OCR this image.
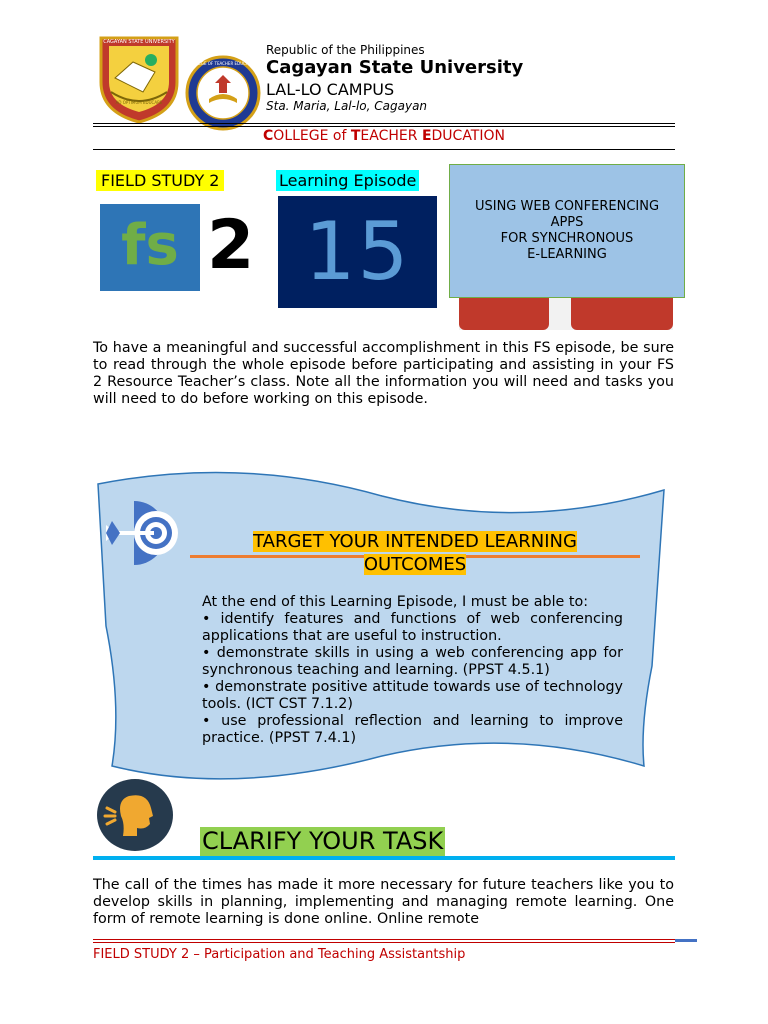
CAGAYAN STATE UNIVERSITY
AD OPTIMUM EDUCARE
COLLEGE OF TEACHER EDUCATION
Republic of the Philippines
Cagayan State University
LAL-LO CAMPUS
Sta. Maria, Lal-lo, Cagayan
COLLEGE of TEACHER EDUCATION
FIELD STUDY 2	Learning Episode
fs 2 15	USING WEB CONFERENCING APPS
FOR SYNCHRONOUS
E-LEARNING
To have a meaningful and successful accomplishment in this FS episode, be sure to read through the whole episode before participating and assisting in your FS 2 Resource Teacher’s class. Note all the information you will need and tasks you will need to do before working on this episode.
TARGET YOUR INTENDED LEARNING OUTCOMES
At the end of this Learning Episode, I must be able to:
• identify features and functions of web conferencing applications that are useful to instruction.
• demonstrate skills in using a web conferencing app for synchronous teaching and learning. (PPST 4.5.1)
• demonstrate positive attitude towards use of technology tools. (ICT CST 7.1.2)
• use professional reflection and learning to improve practice. (PPST 7.4.1)
CLARIFY YOUR TASK
The call of the times has made it more necessary for future teachers like you to develop skills in planning, implementing and managing remote learning. One form of remote learning is done online. Online remote
FIELD STUDY 2 – Participation and Teaching Assistantship
